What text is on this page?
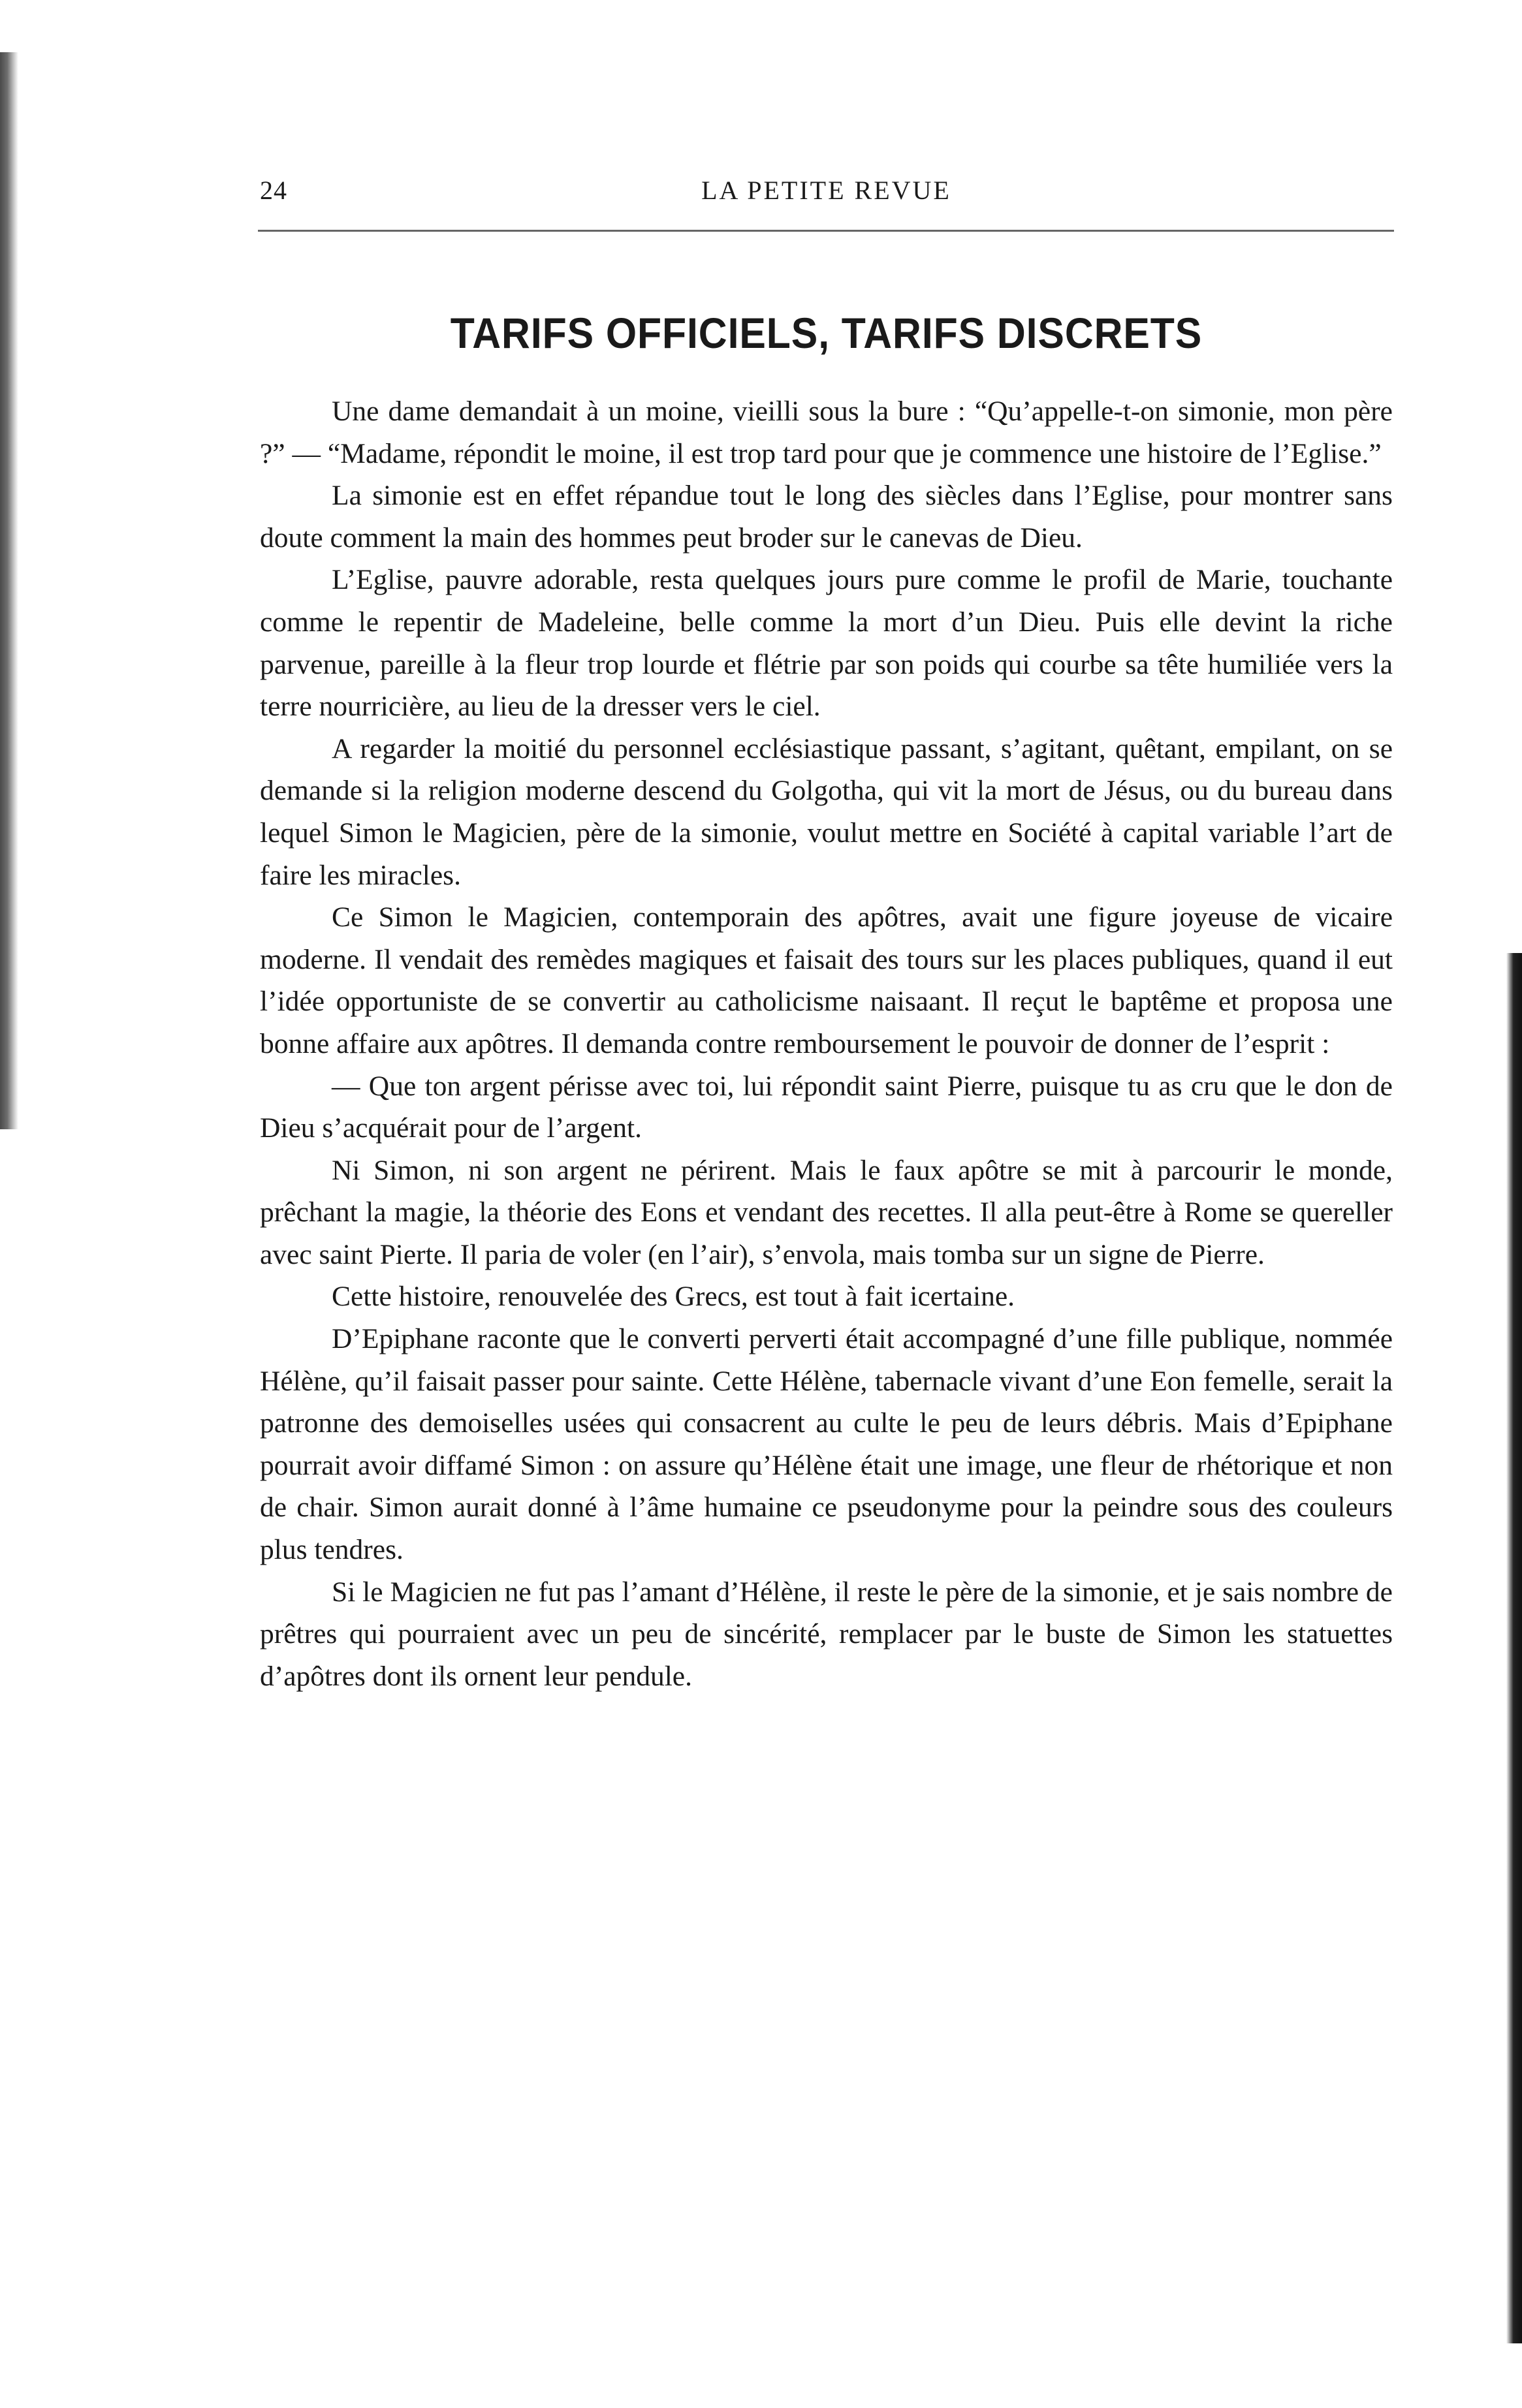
24	LA PETITE REVUE
TARIFS OFFICIELS, TARIFS DISCRETS

Une dame demandait à un moine, vieilli sous la bure : “Qu’appelle-t-on simonie, mon père ?” — “Madame, répondit le moine, il est trop tard pour que je commence une histoire de l’Eglise.”

La simonie est en effet répandue tout le long des siècles dans l’Eglise, pour montrer sans doute comment la main des hommes peut broder sur le canevas de Dieu.

L’Eglise, pauvre adorable, resta quelques jours pure comme le profil de Marie, touchante comme le repentir de Madeleine, belle comme la mort d’un Dieu. Puis elle devint la riche parvenue, pareille à la fleur trop lourde et flétrie par son poids qui courbe sa tête humiliée vers la terre nourricière, au lieu de la dresser vers le ciel.

A regarder la moitié du personnel ecclésiastique passant, s’agitant, quêtant, empilant, on se demande si la religion moderne descend du Golgotha, qui vit la mort de Jésus, ou du bureau dans lequel Simon le Magicien, père de la simonie, voulut mettre en Société à capital variable l’art de faire les miracles.

Ce Simon le Magicien, contemporain des apôtres, avait une figure joyeuse de vicaire moderne. Il vendait des remèdes magiques et faisait des tours sur les places publiques, quand il eut l’idée opportuniste de se convertir au catholicisme naisaant. Il reçut le baptême et proposa une bonne affaire aux apôtres. Il demanda contre remboursement le pouvoir de donner de l’esprit :

— Que ton argent périsse avec toi, lui répondit saint Pierre, puisque tu as cru que le don de Dieu s’acquérait pour de l’argent.

Ni Simon, ni son argent ne périrent. Mais le faux apôtre se mit à parcourir le monde, prêchant la magie, la théorie des Eons et vendant des recettes. Il alla peut-être à Rome se quereller avec saint Pierte. Il paria de voler (en l’air), s’envola, mais tomba sur un signe de Pierre.

Cette histoire, renouvelée des Grecs, est tout à fait icertaine.

D’Epiphane raconte que le converti perverti était accompagné d’une fille publique, nommée Hélène, qu’il faisait passer pour sainte. Cette Hélène, tabernacle vivant d’une Eon femelle, serait la patronne des demoiselles usées qui consacrent au culte le peu de leurs débris. Mais d’Epiphane pourrait avoir diffamé Simon : on assure qu’Hélène était une image, une fleur de rhétorique et non de chair. Simon aurait donné à l’âme humaine ce pseudonyme pour la peindre sous des couleurs plus tendres.

Si le Magicien ne fut pas l’amant d’Hélène, il reste le père de la simonie, et je sais nombre de prêtres qui pourraient avec un peu de sincérité, remplacer par le buste de Simon les statuettes d’apôtres dont ils ornent leur pendule.
